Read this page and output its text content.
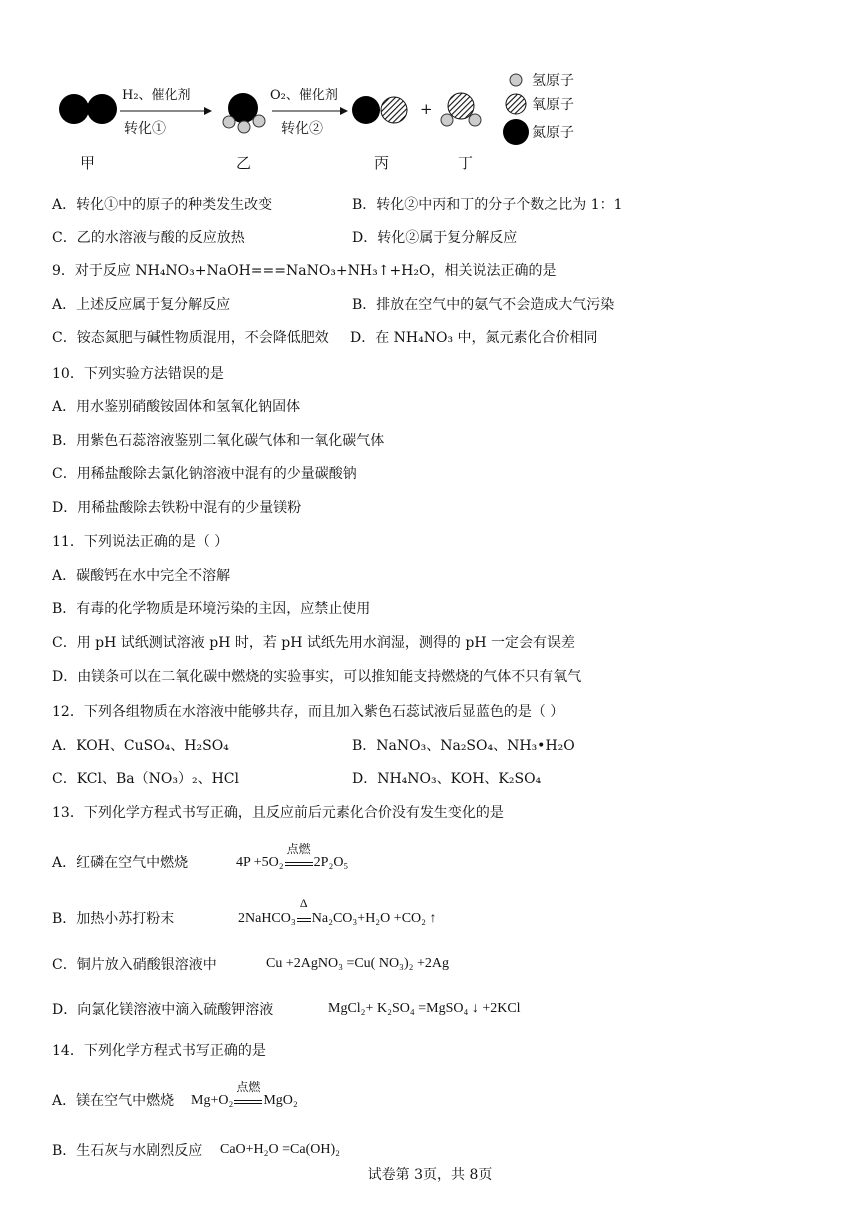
H₂、催化剂
转化①
O₂、催化剂
转化②
+
氢原子
氧原子
氮原子
甲	乙	丙	丁
A．转化①中的原子的种类发生改变	B．转化②中丙和丁的分子个数之比为 1：1
C．乙的水溶液与酸的反应放热	D．转化②属于复分解反应
9．对于反应 NH₄NO₃+NaOH===NaNO₃+NH₃↑+H₂O，相关说法正确的是
A．上述反应属于复分解反应	B．排放在空气中的氨气不会造成大气污染
C．铵态氮肥与碱性物质混用，不会降低肥效 D．在 NH₄NO₃ 中，氮元素化合价相同
10．下列实验方法错误的是
A．用水鉴别硝酸铵固体和氢氧化钠固体
B．用紫色石蕊溶液鉴别二氧化碳气体和一氧化碳气体
C．用稀盐酸除去氯化钠溶液中混有的少量碳酸钠
D．用稀盐酸除去铁粉中混有的少量镁粉
11．下列说法正确的是（ ）
A．碳酸钙在水中完全不溶解
B．有毒的化学物质是环境污染的主因，应禁止使用
C．用 pH 试纸测试溶液 pH 时，若 pH 试纸先用水润湿，测得的 pH 一定会有误差
D．由镁条可以在二氧化碳中燃烧的实验事实，可以推知能支持燃烧的气体不只有氧气
12．下列各组物质在水溶液中能够共存，而且加入紫色石蕊试液后显蓝色的是（ ）
A．KOH、CuSO₄、H₂SO₄	B．NaNO₃、Na₂SO₄、NH₃•H₂O
C．KCl、Ba（NO₃）₂、HCl	D．NH₄NO₃、KOH、K₂SO₄
13．下列化学方程式书写正确，且反应前后元素化合价没有发生变化的是
A．红磷在空气中燃烧	4P +5O₂
点燃
2P₂O₅
B．加热小苏打粉末	2NaHCO₃
Δ
Na₂CO₃+H₂O +CO₂ ↑
C．铜片放入硝酸银溶液中	Cu +2AgNO₃ =Cu( NO₃)₂ +2Ag
D．向氯化镁溶液中滴入硫酸钾溶液	MgCl₂+ K₂SO₄ =MgSO₄ ↓ +2KCl
14．下列化学方程式书写正确的是
A．镁在空气中燃烧 Mg+O₂
点燃
MgO₂
B．生石灰与水剧烈反应 CaO+H₂O =Ca(OH)₂
试卷第 3页，共 8页
